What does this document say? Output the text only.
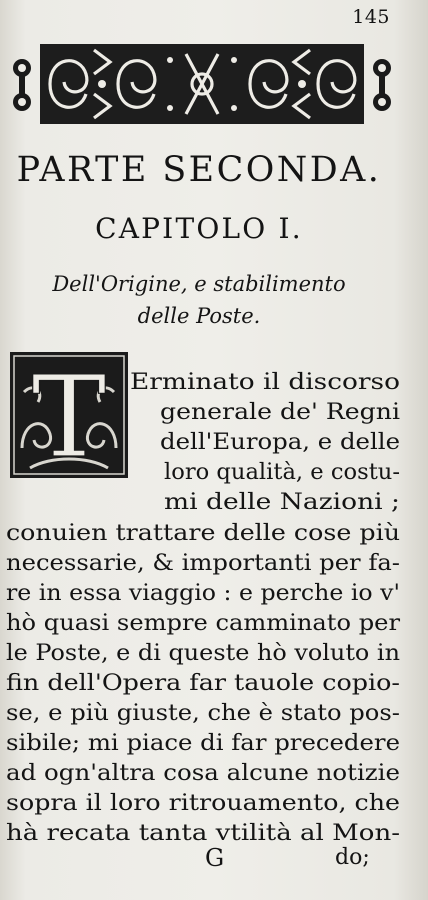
145
PARTE SECONDA.
CAPITOLO I.
Dell'Origine, e stabilimento
delle Poste.
T Erminato il discorso
generale de' Regni
dell'Europa, e delle
loro qualità, e costu-
mi delle Nazioni ;
conuien trattare delle cose più
necessarie, & importanti per fa-
re in essa viaggio : e perche io v'
hò quasi sempre camminato per
le Poste, e di queste hò voluto in
fin dell'Opera far tauole copio-
se, e più giuste, che è stato pos-
sibile; mi piace di far precedere
ad ogn'altra cosa alcune notizie
sopra il loro ritrouamento, che
hà recata tanta vtilità al Mon-
G	do;
